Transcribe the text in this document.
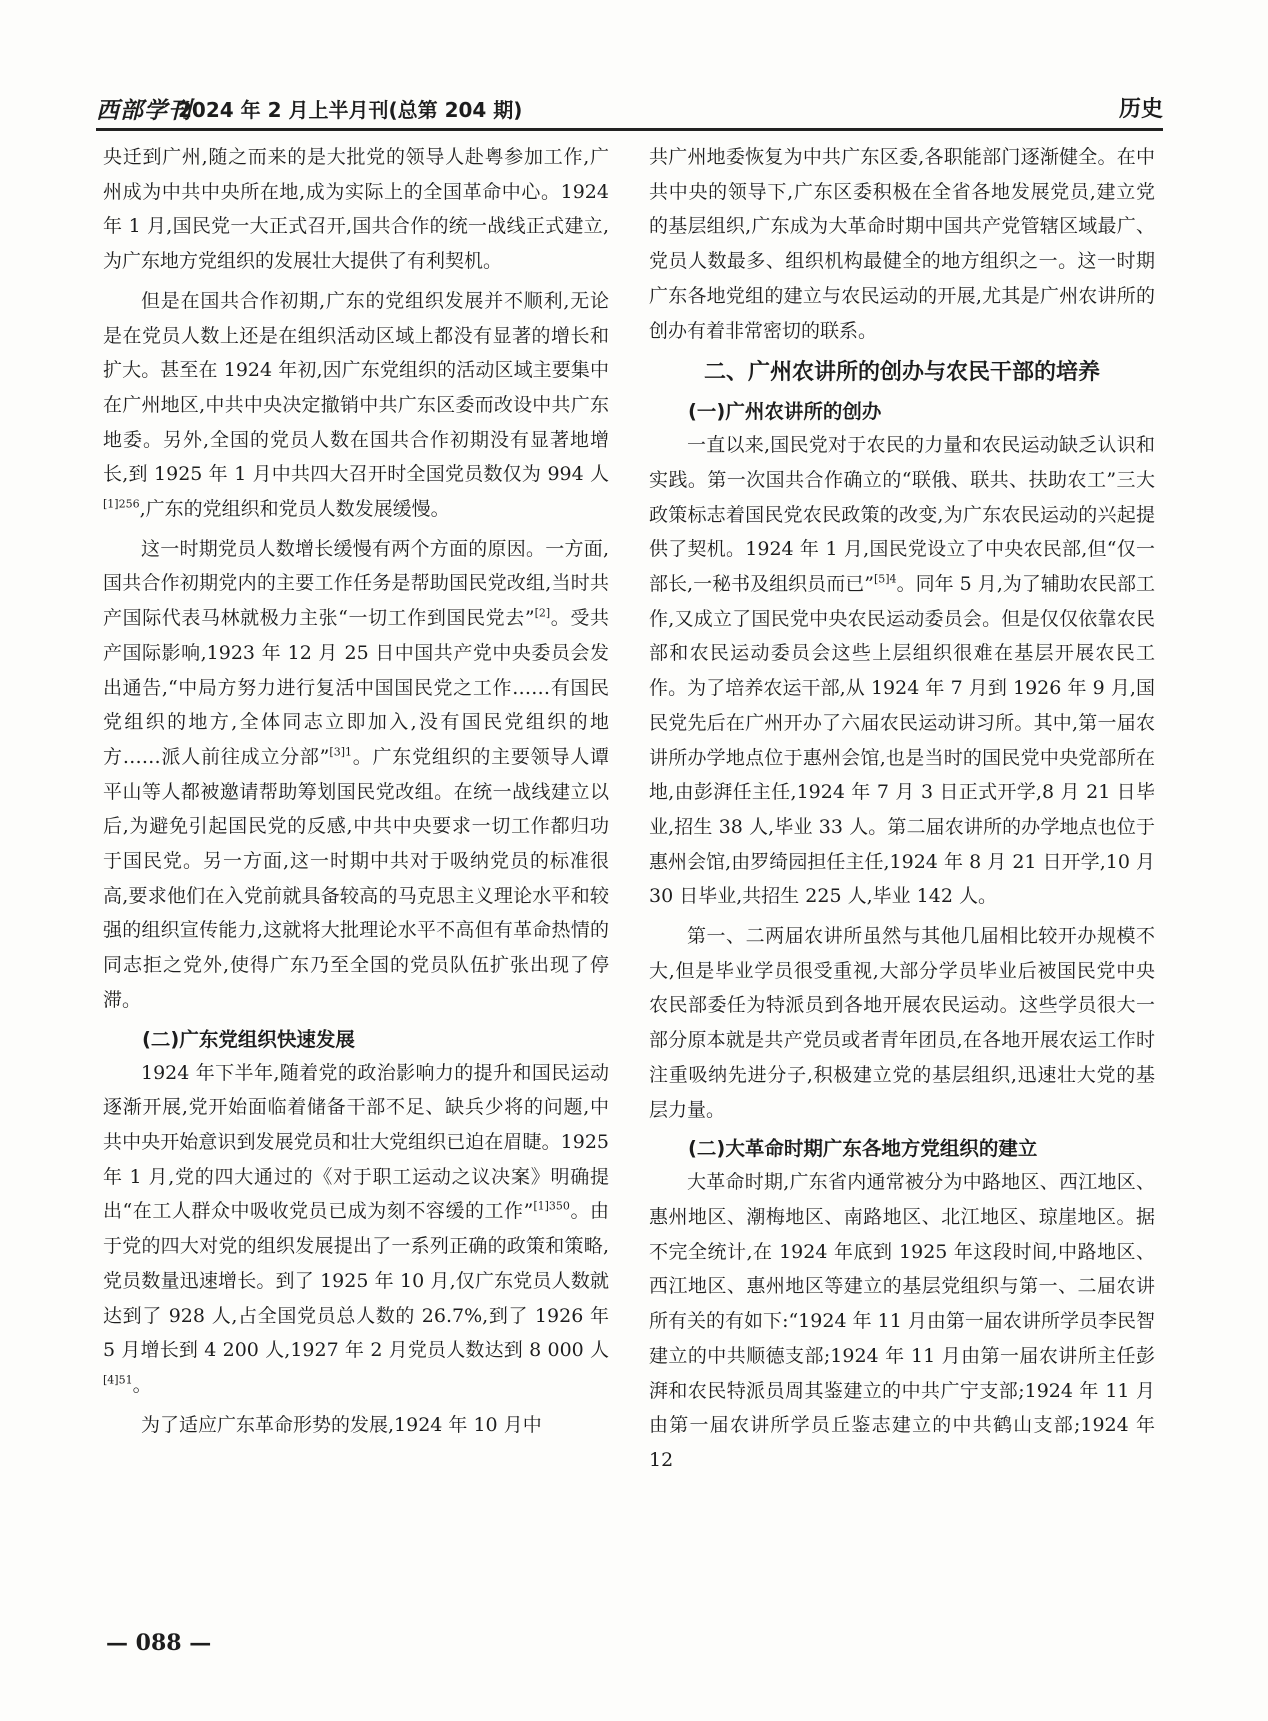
西部学刊
2024 年 2 月上半月刊(总第 204 期)	历史

央迁到广州,随之而来的是大批党的领导人赴粤参加工作,广州成为中共中央所在地,成为实际上的全国革命中心。1924 年 1 月,国民党一大正式召开,国共合作的统一战线正式建立,为广东地方党组织的发展壮大提供了有利契机。

但是在国共合作初期,广东的党组织发展并不顺利,无论是在党员人数上还是在组织活动区域上都没有显著的增长和扩大。甚至在 1924 年初,因广东党组织的活动区域主要集中在广州地区,中共中央决定撤销中共广东区委而改设中共广东地委。另外,全国的党员人数在国共合作初期没有显著地增长,到 1925 年 1 月中共四大召开时全国党员数仅为 994 人$^{[1]256}$,广东的党组织和党员人数发展缓慢。

这一时期党员人数增长缓慢有两个方面的原因。一方面,国共合作初期党内的主要工作任务是帮助国民党改组,当时共产国际代表马林就极力主张“一切工作到国民党去”[2]。受共产国际影响,1923 年 12 月 25 日中国共产党中央委员会发出通告,“中局方努力进行复活中国国民党之工作……有国民党组织的地方,全体同志立即加入,没有国民党组织的地方……派人前往成立分部”$^{[3]1}$。广东党组织的主要领导人谭平山等人都被邀请帮助筹划国民党改组。在统一战线建立以后,为避免引起国民党的反感,中共中央要求一切工作都归功于国民党。另一方面,这一时期中共对于吸纳党员的标准很高,要求他们在入党前就具备较高的马克思主义理论水平和较强的组织宣传能力,这就将大批理论水平不高但有革命热情的同志拒之党外,使得广东乃至全国的党员队伍扩张出现了停滞。

(二)广东党组织快速发展

1924 年下半年,随着党的政治影响力的提升和国民运动逐渐开展,党开始面临着储备干部不足、缺兵少将的问题,中共中央开始意识到发展党员和壮大党组织已迫在眉睫。1925 年 1 月,党的四大通过的《对于职工运动之议决案》明确提出“在工人群众中吸收党员已成为刻不容缓的工作”$^{[1]350}$。由于党的四大对党的组织发展提出了一系列正确的政策和策略,党员数量迅速增长。到了 1925 年 10 月,仅广东党员人数就达到了 928 人,占全国党员总人数的 26.7%,到了 1926 年 5 月增长到 4 200 人,1927 年 2 月党员人数达到 8 000 人$^{[4]51}$。

为了适应广东革命形势的发展,1924 年 10 月中

共广州地委恢复为中共广东区委,各职能部门逐渐健全。在中共中央的领导下,广东区委积极在全省各地发展党员,建立党的基层组织,广东成为大革命时期中国共产党管辖区域最广、党员人数最多、组织机构最健全的地方组织之一。这一时期广东各地党组的建立与农民运动的开展,尤其是广州农讲所的创办有着非常密切的联系。

二、广州农讲所的创办与农民干部的培养
(一)广州农讲所的创办

一直以来,国民党对于农民的力量和农民运动缺乏认识和实践。第一次国共合作确立的“联俄、联共、扶助农工”三大政策标志着国民党农民政策的改变,为广东农民运动的兴起提供了契机。1924 年 1 月,国民党设立了中央农民部,但“仅一部长,一秘书及组织员而已”$^{[5]4}$。同年 5 月,为了辅助农民部工作,又成立了国民党中央农民运动委员会。但是仅仅依靠农民部和农民运动委员会这些上层组织很难在基层开展农民工作。为了培养农运干部,从 1924 年 7 月到 1926 年 9 月,国民党先后在广州开办了六届农民运动讲习所。其中,第一届农讲所办学地点位于惠州会馆,也是当时的国民党中央党部所在地,由彭湃任主任,1924 年 7 月 3 日正式开学,8 月 21 日毕业,招生 38 人,毕业 33 人。第二届农讲所的办学地点也位于惠州会馆,由罗绮园担任主任,1924 年 8 月 21 日开学,10 月 30 日毕业,共招生 225 人,毕业 142 人。

第一、二两届农讲所虽然与其他几届相比较开办规模不大,但是毕业学员很受重视,大部分学员毕业后被国民党中央农民部委任为特派员到各地开展农民运动。这些学员很大一部分原本就是共产党员或者青年团员,在各地开展农运工作时注重吸纳先进分子,积极建立党的基层组织,迅速壮大党的基层力量。

(二)大革命时期广东各地方党组织的建立

大革命时期,广东省内通常被分为中路地区、西江地区、惠州地区、潮梅地区、南路地区、北江地区、琼崖地区。据不完全统计,在 1924 年底到 1925 年这段时间,中路地区、西江地区、惠州地区等建立的基层党组织与第一、二届农讲所有关的有如下:“1924 年 11 月由第一届农讲所学员李民智建立的中共顺德支部;1924 年 11 月由第一届农讲所主任彭湃和农民特派员周其鉴建立的中共广宁支部;1924 年 11 月由第一届农讲所学员丘鉴志建立的中共鹤山支部;1924 年 12

— 088 —
